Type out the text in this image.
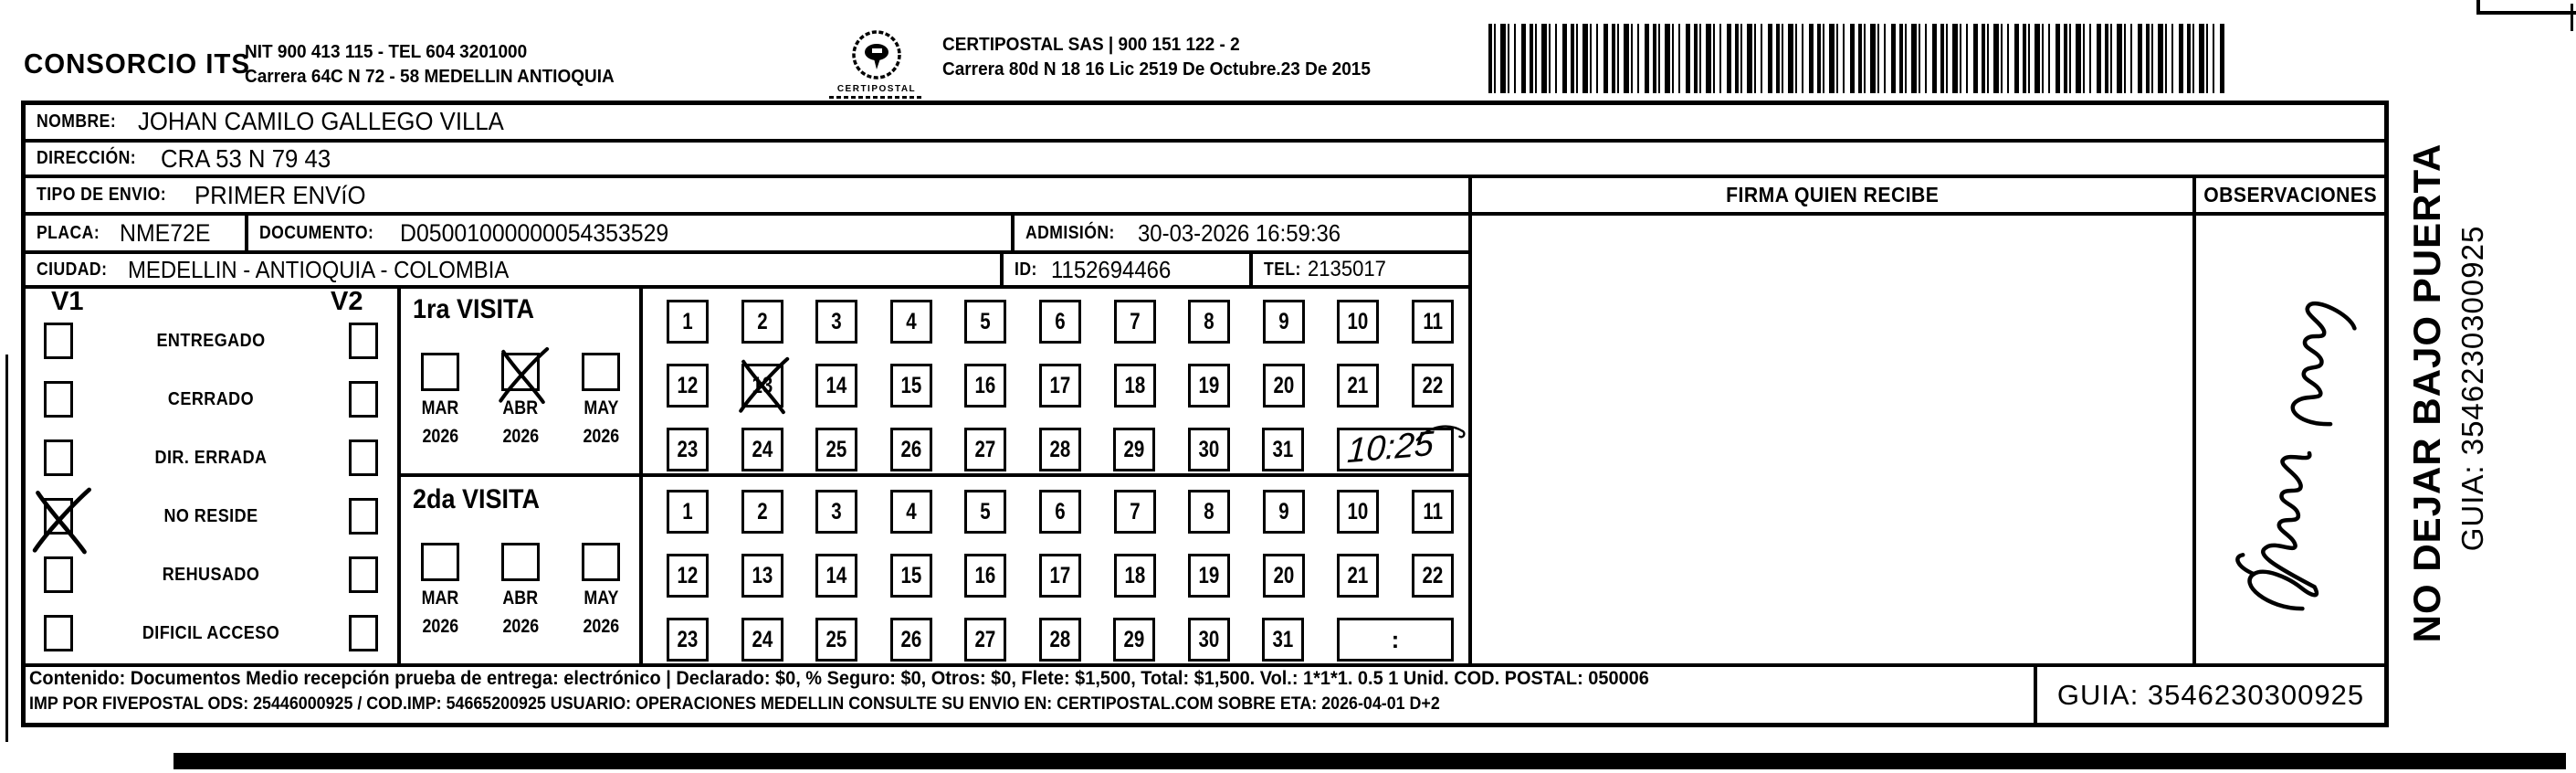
CONSORCIO ITS
NIT 900 413 115 - TEL 604 3201000
Carrera 64C N 72 - 58 MEDELLIN ANTIOQUIA
CERTIPOSTAL
CERTIPOSTAL SAS | 900 151 122 - 2
Carrera 80d N 18 16 Lic 2519 De Octubre.23 De 2015
NOMBRE: JOHAN CAMILO GALLEGO VILLA
DIRECCIÓN: CRA 53 N 79 43
TIPO DE ENVIO: PRIMER ENVíO	FIRMA QUIEN RECIBE	OBSERVACIONES
PLACA: NME72E	DOCUMENTO: D05001000000054353529	ADMISIÓN: 30-03-2026 16:59:36
CIUDAD: MEDELLIN - ANTIOQUIA - COLOMBIA	ID: 1152694466	TEL: 2135017
V1	V2
ENTREGADO
CERRADO
DIR. ERRADA
NO RESIDE
REHUSADO
DIFICIL ACCESO
1ra VISITA
MAR
2026
ABR
2026
MAY
2026
2da VISITA
MAR
2026
ABR
2026
MAY
2026
1	2	3	4	5	6	7	8	9	10 11
12 13 14 15 16 17 18 19 20 21 22
23 24 25 26 27 28 29 30 31 10:25
1	2	3	4	5	6	7	8	9	10 11
12 13 14 15 16 17 18 19 20 21 22
23 24 25 26 27 28 29 30 31	:	NO DEJAR BAJO PUERTA GUIA: 3546230300925
Contenido: Documentos Medio recepción prueba de entrega: electrónico | Declarado: $0, % Seguro: $0, Otros: $0, Flete: $1,500, Total: $1,500. Vol.: 1*1*1. 0.5 1 Unid. COD. POSTAL: 050006
IMP POR FIVEPOSTAL ODS: 25446000925 / COD.IMP: 54665200925 USUARIO: OPERACIONES MEDELLIN CONSULTE SU ENVIO EN: CERTIPOSTAL.COM SOBRE ETA: 2026-04-01 D+2	GUIA: 3546230300925
